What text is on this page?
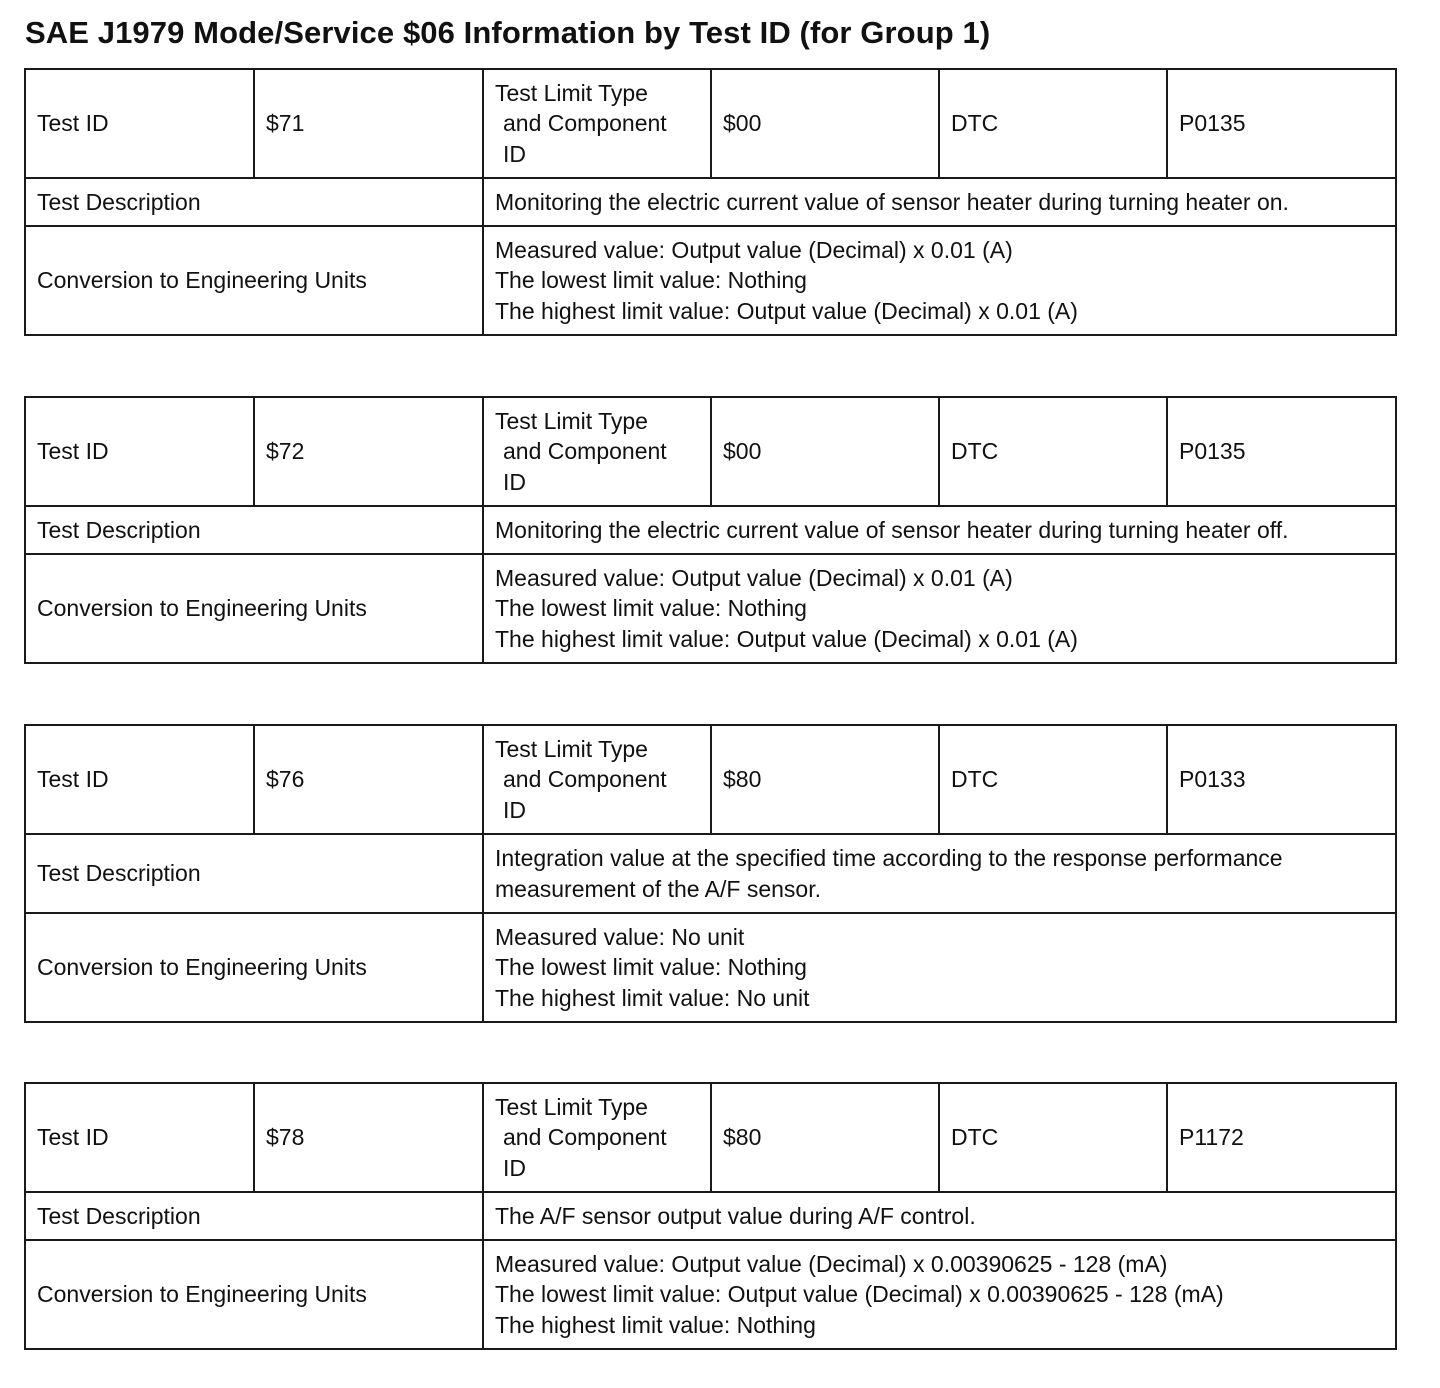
SAE J1979 Mode/Service $06 Information by Test ID (for Group 1)
Test ID	$71	Test Limit Type
and Component
ID	$00	DTC	P0135
Test Description		Monitoring the electric current value of sensor heater during turning heater on.			

Conversion to Engineering Units		Measured value: Output value (Decimal) x 0.01 (A)
The lowest limit value: Nothing
The highest limit value: Output value (Decimal) x 0.01 (A)			
Test ID	$72	Test Limit Type
and Component
ID	$00	DTC	P0135
Test Description		Monitoring the electric current value of sensor heater during turning heater off.			

Conversion to Engineering Units		Measured value: Output value (Decimal) x 0.01 (A)
The lowest limit value: Nothing
The highest limit value: Output value (Decimal) x 0.01 (A)			
Test ID	$76	Test Limit Type
and Component
ID	$80	DTC	P0133
Test Description		Integration value at the specified time according to the response performance
measurement of the A/F sensor.			

Conversion to Engineering Units		Measured value: No unit
The lowest limit value: Nothing
The highest limit value: No unit			
Test ID	$78	Test Limit Type
and Component
ID	$80	DTC	P1172
Test Description		The A/F sensor output value during A/F control.			

Conversion to Engineering Units		Measured value: Output value (Decimal) x 0.00390625 - 128 (mA)
The lowest limit value: Output value (Decimal) x 0.00390625 - 128 (mA)
The highest limit value: Nothing			
